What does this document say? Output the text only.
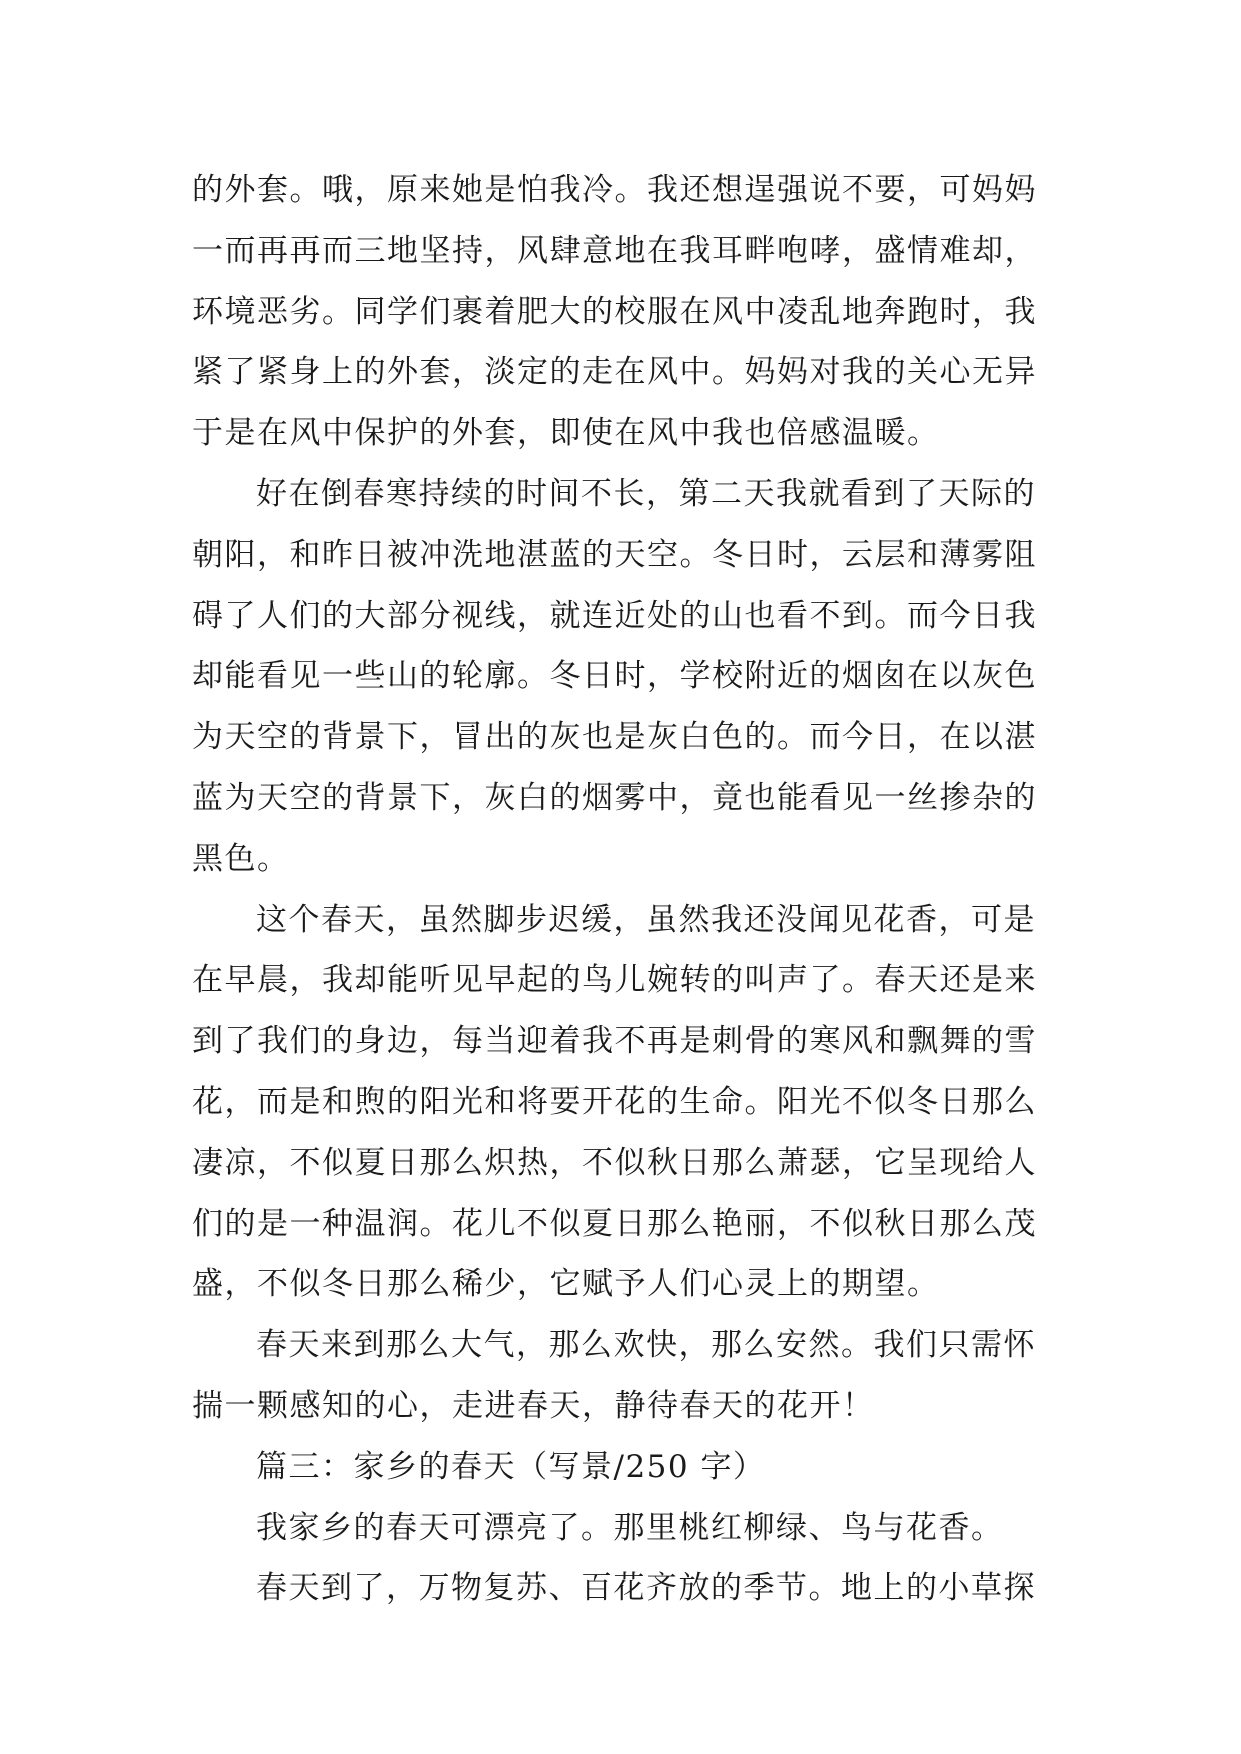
的外套。哦，原来她是怕我冷。我还想逞强说不要，可妈妈
一而再再而三地坚持，风肆意地在我耳畔咆哮，盛情难却，
环境恶劣。同学们裹着肥大的校服在风中凌乱地奔跑时，我
紧了紧身上的外套，淡定的走在风中。妈妈对我的关心无异
于是在风中保护的外套，即使在风中我也倍感温暖。
好在倒春寒持续的时间不长，第二天我就看到了天际的
朝阳，和昨日被冲洗地湛蓝的天空。冬日时，云层和薄雾阻
碍了人们的大部分视线，就连近处的山也看不到。而今日我
却能看见一些山的轮廓。冬日时，学校附近的烟囱在以灰色
为天空的背景下，冒出的灰也是灰白色的。而今日，在以湛
蓝为天空的背景下，灰白的烟雾中，竟也能看见一丝掺杂的
黑色。
这个春天，虽然脚步迟缓，虽然我还没闻见花香，可是
在早晨，我却能听见早起的鸟儿婉转的叫声了。春天还是来
到了我们的身边，每当迎着我不再是刺骨的寒风和飘舞的雪
花，而是和煦的阳光和将要开花的生命。阳光不似冬日那么
凄凉，不似夏日那么炽热，不似秋日那么萧瑟，它呈现给人
们的是一种温润。花儿不似夏日那么艳丽，不似秋日那么茂
盛，不似冬日那么稀少，它赋予人们心灵上的期望。
春天来到那么大气，那么欢快，那么安然。我们只需怀
揣一颗感知的心，走进春天，静待春天的花开！
篇三：家乡的春天（写景/250 字）
我家乡的春天可漂亮了。那里桃红柳绿、鸟与花香。
春天到了，万物复苏、百花齐放的季节。地上的小草探
